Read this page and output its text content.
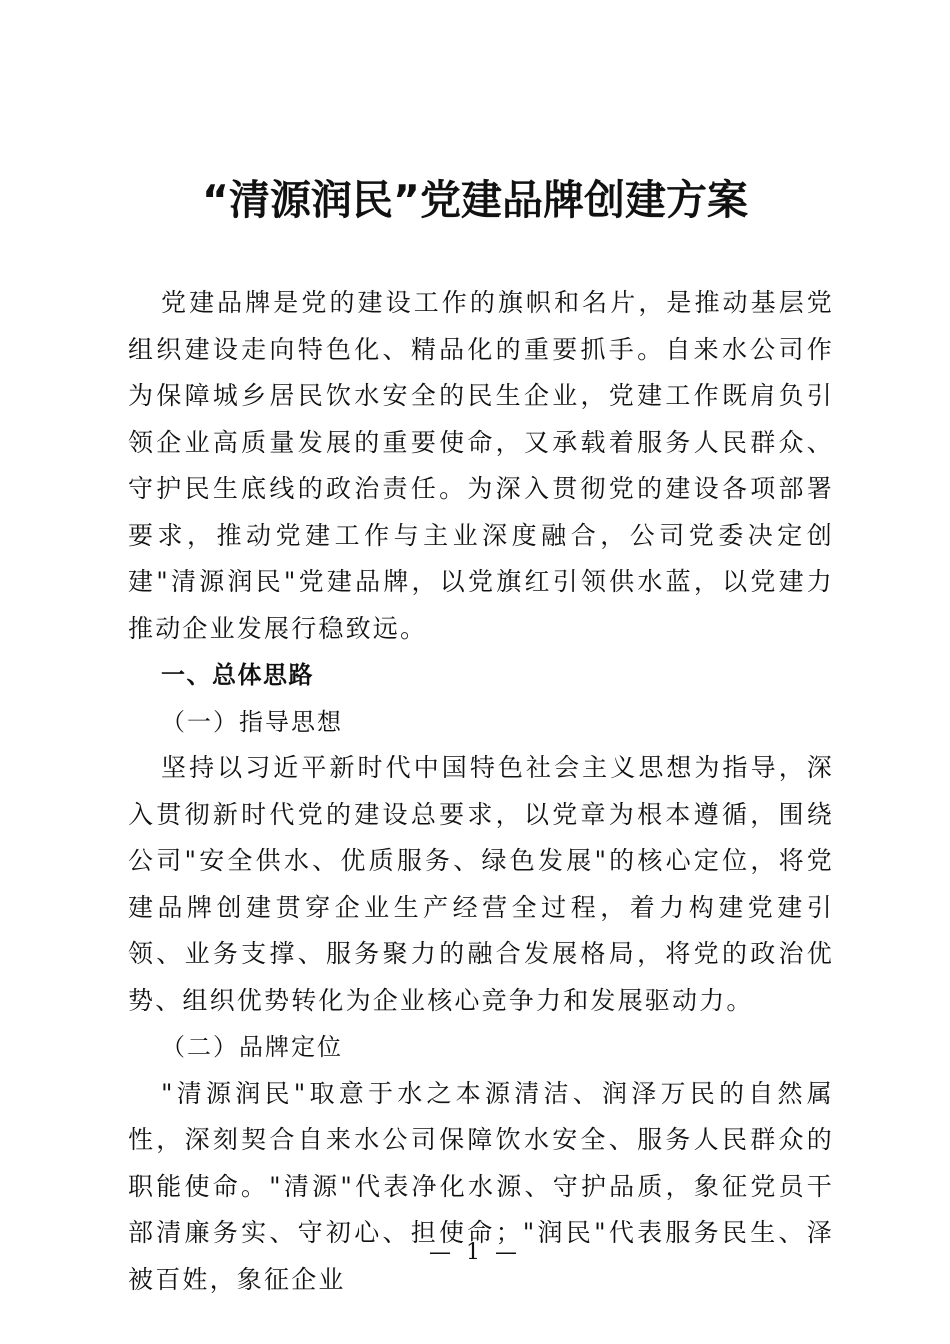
“清源润民”党建品牌创建方案

党建品牌是党的建设工作的旗帜和名片，是推动基层党组织建设走向特色化、精品化的重要抓手。自来水公司作为保障城乡居民饮水安全的民生企业，党建工作既肩负引领企业高质量发展的重要使命，又承载着服务人民群众、守护民生底线的政治责任。为深入贯彻党的建设各项部署要求，推动党建工作与主业深度融合，公司党委决定创建"清源润民"党建品牌，以党旗红引领供水蓝，以党建力推动企业发展行稳致远。

一、总体思路

（一）指导思想

坚持以习近平新时代中国特色社会主义思想为指导，深入贯彻新时代党的建设总要求，以党章为根本遵循，围绕公司"安全供水、优质服务、绿色发展"的核心定位，将党建品牌创建贯穿企业生产经营全过程，着力构建党建引领、业务支撑、服务聚力的融合发展格局，将党的政治优势、组织优势转化为企业核心竞争力和发展驱动力。

（二）品牌定位

"清源润民"取意于水之本源清洁、润泽万民的自然属性，深刻契合自来水公司保障饮水安全、服务人民群众的职能使命。"清源"代表净化水源、守护品质，象征党员干部清廉务实、守初心、担使命；"润民"代表服务民生、泽被百姓，象征企业

— 1 —
